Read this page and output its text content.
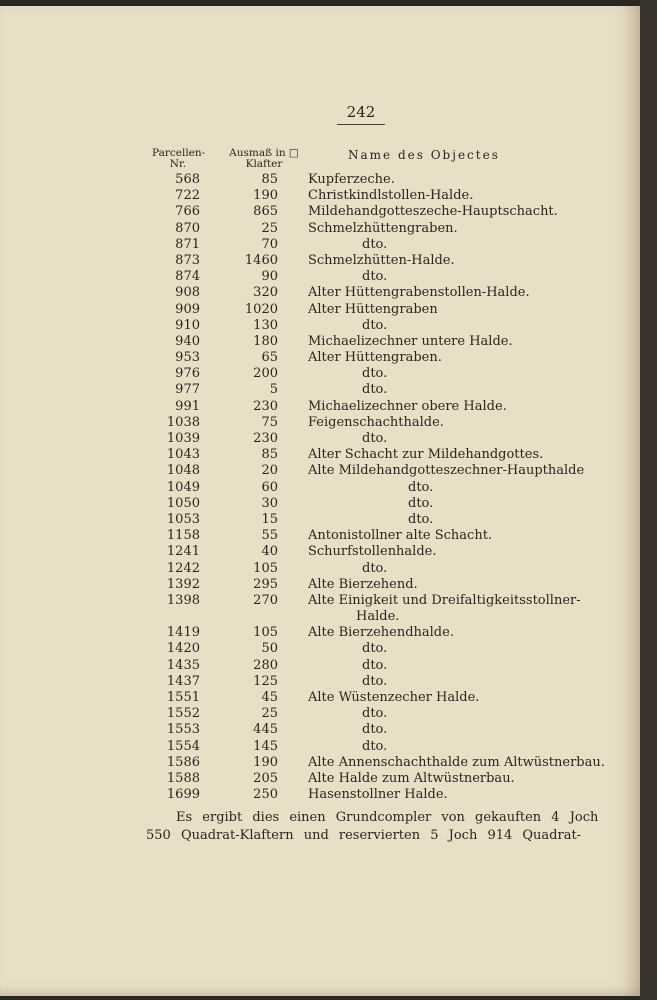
242
Parcellen-Nr.
Ausmaß in □ Klafter
Name des Objectes
568	85 Kupferzeche.
722	190 Christkindlstollen-Halde.
766	865 Mildehandgotteszeche-Hauptschacht.
870	25 Schmelzhüttengraben.
871	70	dto.
873	1460 Schmelzhütten-Halde.
874	90	dto.
908	320 Alter Hüttengrabenstollen-Halde.
909	1020 Alter Hüttengraben
910	130	dto.
940	180 Michaelizechner untere Halde.
953	65 Alter Hüttengraben.
976	200	dto.
977	5	dto.
991	230 Michaelizechner obere Halde.
1038	75 Feigenschachthalde.
1039	230	dto.
1043	85 Alter Schacht zur Mildehandgottes.
1048	20 Alte Mildehandgotteszechner-Haupthalde
1049	60	dto.
1050	30	dto.
1053	15	dto.
1158	55 Antonistollner alte Schacht.
1241	40 Schurfstollenhalde.
1242	105	dto.
1392	295 Alte Bierzehend.
1398	270 Alte Einigkeit und Dreifaltigkeitsstollner-
Halde.
1419	105 Alte Bierzehendhalde.
1420	50	dto.
1435	280	dto.
1437	125	dto.
1551	45 Alte Wüstenzecher Halde.
1552	25	dto.
1553	445	dto.
1554	145	dto.
1586	190 Alte Annenschachthalde zum Altwüstnerbau.
1588	205 Alte Halde zum Altwüstnerbau.
1699	250 Hasenstollner Halde.
Es ergibt dies einen Grundcompler von gekauften 4 Joch
550 Quadrat-Klaftern und reservierten 5 Joch 914 Quadrat-
